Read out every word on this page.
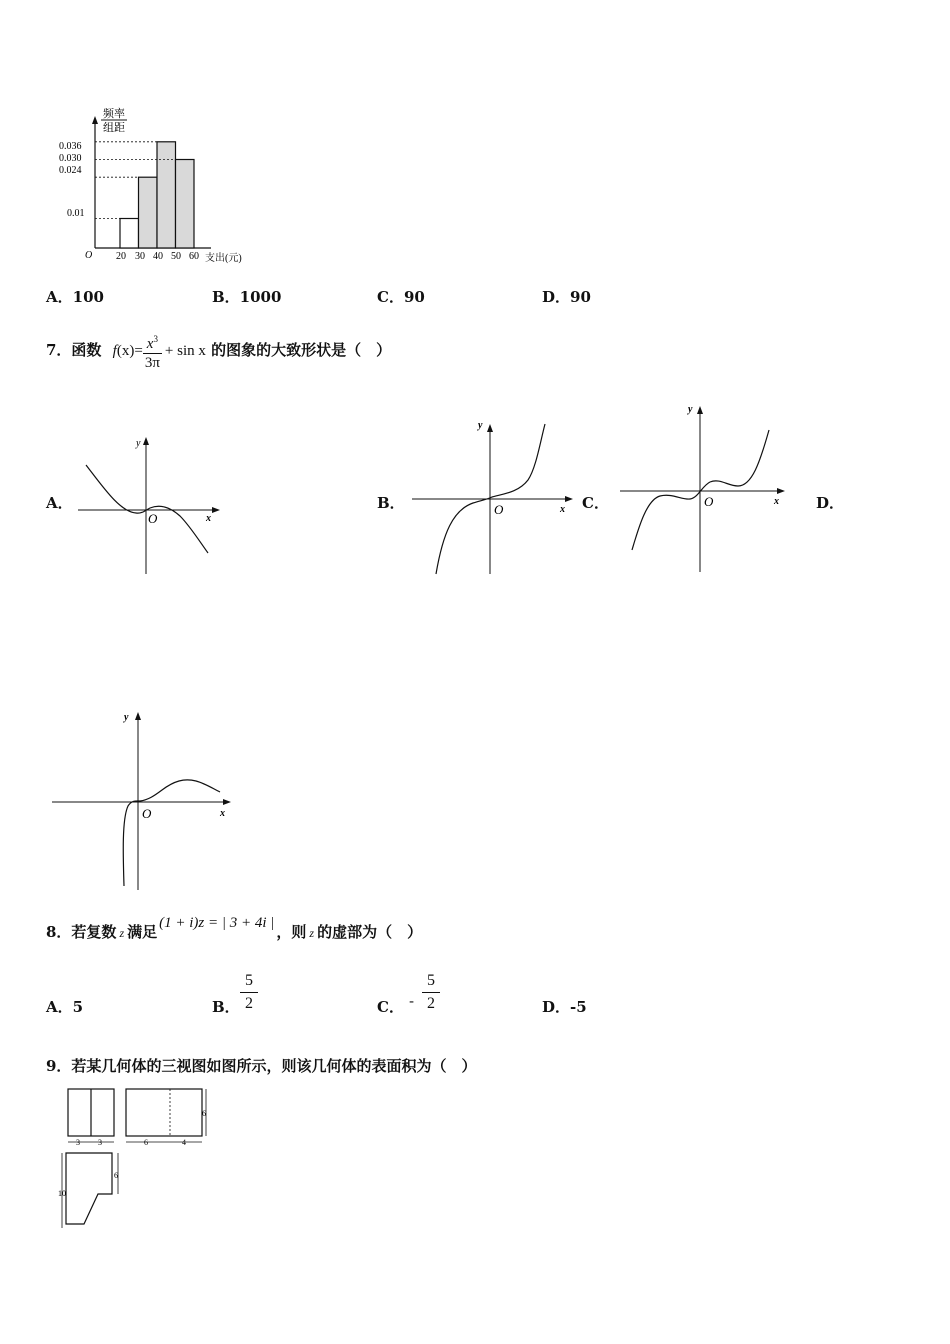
频率
组距
0.036
0.030
0.024
0.01
O 20 30 40 50 60 支出(元)
A．100	B．1000	C．90	D．90
7．函数 $f(x)= \frac{x^3}{3\pi} + \sin x$ 的图象的大致形状是（　）
A．
y
x
O
B．
y
x
O	C．
y
x
O	D．
y
x
O
8．若复数 z 满足 (1 + i)z = | 3 + 4i | ，则 z 的虚部为（　）
A．5	B． $\frac{5}{2}$	C． - $\frac{5}{2}$	D．-5
9．若某几何体的三视图如图所示，则该几何体的表面积为（　）
3 3
6
6	4
10
6
